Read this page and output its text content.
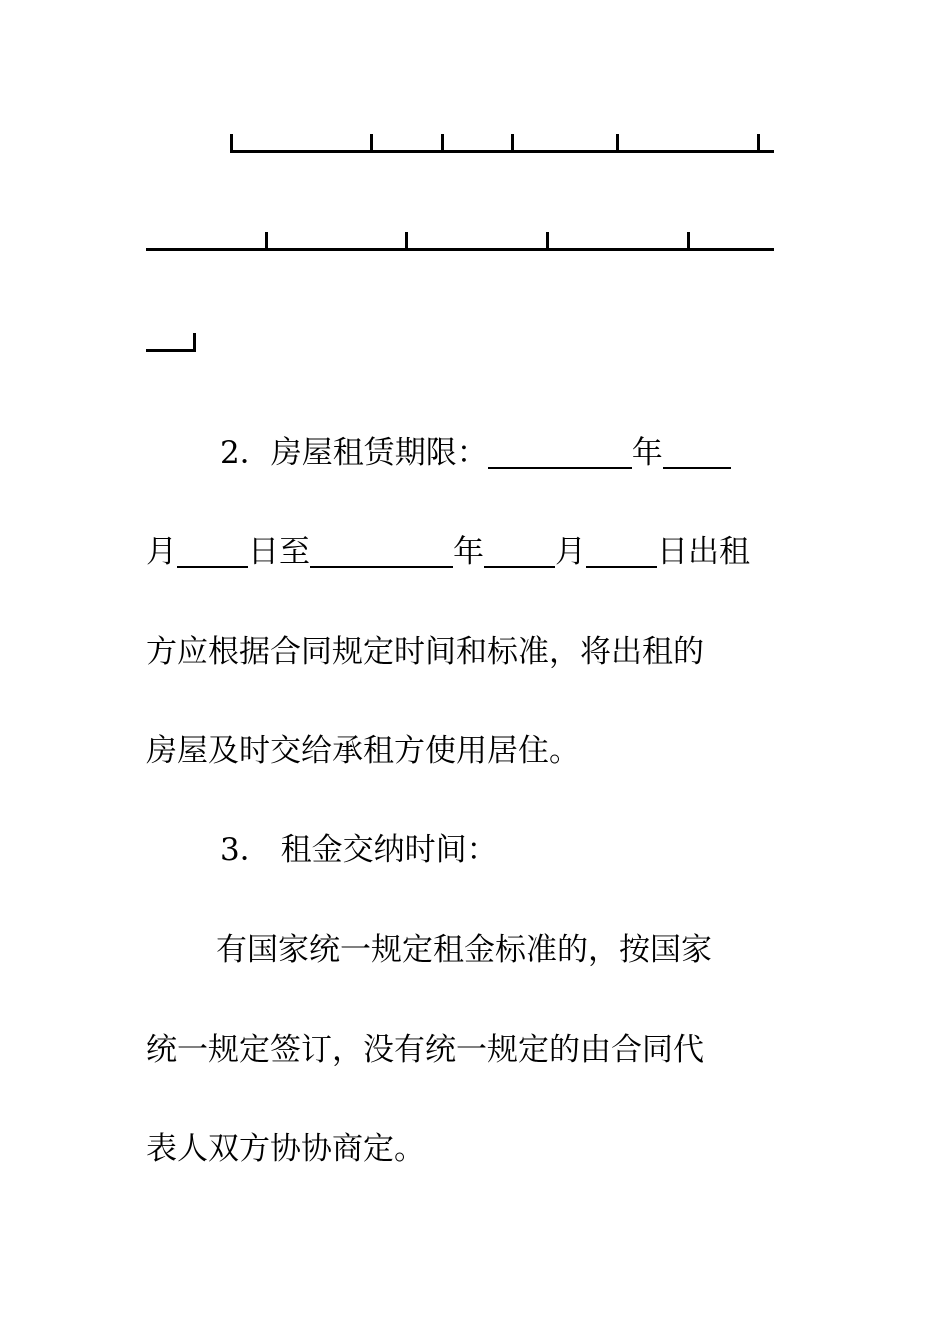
2．房屋租赁期限：	年
月 日至	年 月 日出租
方应根据合同规定时间和标准，将出租的
房屋及时交给承租方使用居住。
3． 租金交纳时间：
有国家统一规定租金标准的，按国家
统一规定签订，没有统一规定的由合同代
表人双方协协商定。
